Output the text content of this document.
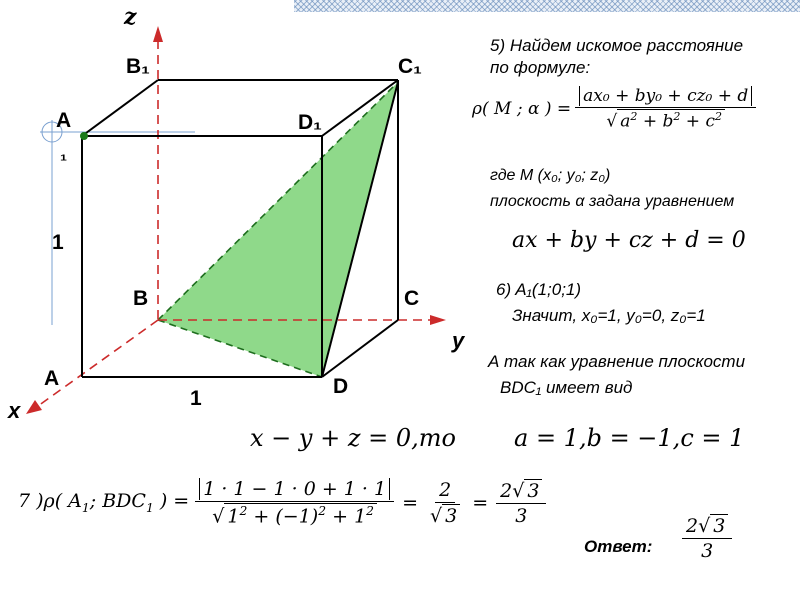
z
B₁	C₁
A
₁
D₁
1
B	C
y
A	D
1
x
5) Найдем искомое расстояние
по формуле:
ρ( M ; α ) = $\frac{\text{ax₀ + by₀ + cz₀ + d}}{√ a^2 + b^2 + c^2}$
где M (x₀; y₀; z₀)
плоскость α задана уравнением
ax + by + cz + d = 0
6) A₁(1;0;1)
Значит, x₀=1, y₀=0, z₀=1
А так как уравнение плоскости
BDC₁ имеет вид
x − y + z = 0,то a = 1,b = −1,c = 1
7 )ρ( $A_1$; $BDC_1$ ) = $\frac{1 \cdot 1 - 1 \cdot 0 + 1 \cdot 1}{√ 1^2 + (-1)^2 + 1^2} = \frac{2}{√ 3} = \frac{2√ 3}{3}$
Ответ: $\frac{2√ 3}{3}$
